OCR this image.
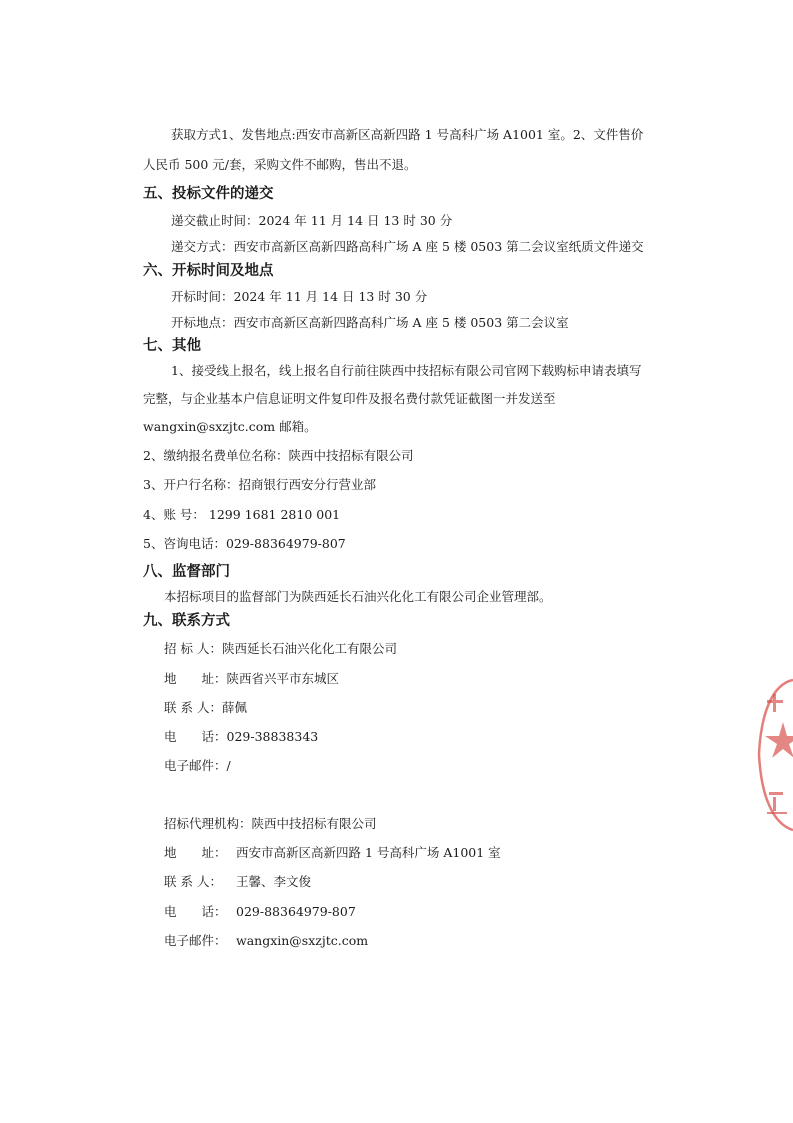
获取方式1、发售地点:西安市高新区高新四路 1 号高科广场 A1001 室。2、文件售价
人民币 500 元/套，采购文件不邮购，售出不退。
五、投标文件的递交
递交截止时间：2024 年 11 月 14 日 13 时 30 分
递交方式：西安市高新区高新四路高科广场 A 座 5 楼 0503 第二会议室纸质文件递交
六、开标时间及地点
开标时间：2024 年 11 月 14 日 13 时 30 分
开标地点：西安市高新区高新四路高科广场 A 座 5 楼 0503 第二会议室
七、其他
1、接受线上报名，线上报名自行前往陕西中技招标有限公司官网下载购标申请表填写
完整，与企业基本户信息证明文件复印件及报名费付款凭证截图一并发送至
wangxin@sxzjtc.com 邮箱。
2、缴纳报名费单位名称：陕西中技招标有限公司
3、开户行名称：招商银行西安分行营业部
4、账 号： 1299 1681 2810 001
5、咨询电话：029-88364979-807
八、监督部门
本招标项目的监督部门为陕西延长石油兴化化工有限公司企业管理部。
九、联系方式
招 标 人：陕西延长石油兴化化工有限公司
地　　址：陕西省兴平市东城区
联 系 人：薛佩
电　　话：029-38838343
电子邮件：/
招标代理机构：陕西中技招标有限公司
地　　址： 西安市高新区高新四路 1 号高科广场 A1001 室
联 系 人： 王馨、李文俊
电　　话： 029-88364979-807
电子邮件： wangxin@sxzjtc.com
